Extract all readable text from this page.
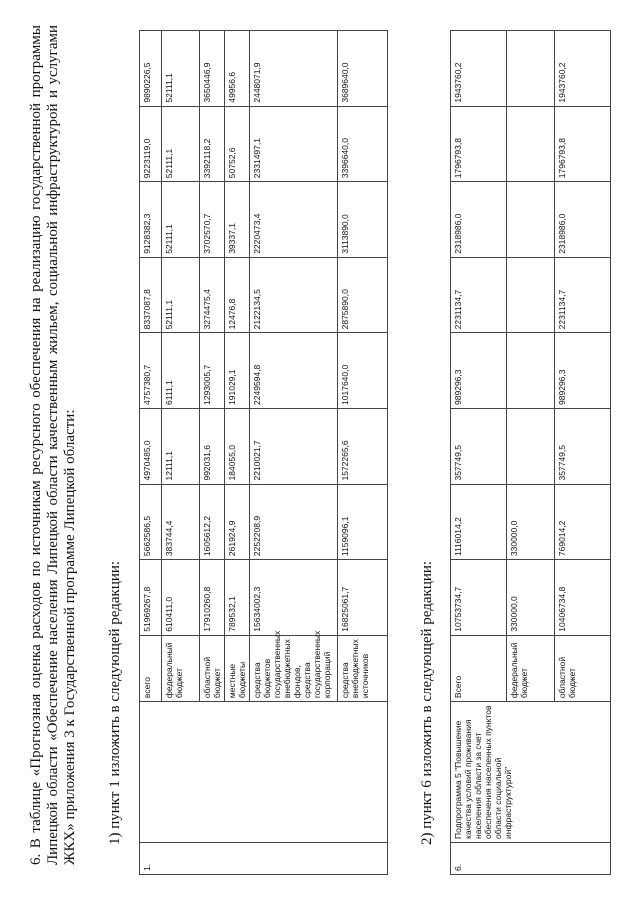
6. В таблице «Прогнозная оценка расходов по источникам ресурсного обеспечения на реализацию государственной программы Липецкой области «Обеспечение населения Липецкой области качественным жильем, социальной инфраструктурой и услугами ЖКХ» приложения 3 к Государственной программе Липецкой области: 1) пункт 1 изложить в следующей редакции:

1.		всего	51969267,8	5662586,5	4970485,0	4757380,7	8337087,8	9128382,3	9223119,0	9890226,5
		федеральный бюджет	610411,0	383744,4	12111,1	6111,1	52111,1	52111,1	52111,1	52111,1
		областной бюджет	17910260,8	1605612,2	992031,6	1293005,7	3274475,4	3702570,7	3392118,2	3650446,9
		местные бюджеты	789532,1	261924,9	184055,0	191029,1	12476,8	39337,1	50752,6	49956,6
		средства бюджетов государственных внебюджетных фондов, средства государственных корпораций	15634002,3	2252208,9	2210021,7	2249594,8	2122134,5	2220473,4	2331497,1	2448071,9
		средства внебюджетных источников	16825061,7	1159096,1	1572265,6	1017640,0	2875890,0	3113890,0	3396640,0	3689640,0

2) пункт 6 изложить в следующей редакции:

6.	Подпрограмма 5 "Повышение качества условий проживания населения области за счет обеспечения населенных пунктов области социальной инфраструктурой"	Всего	10753734,7	1116014,2	357749,5	989296,3	2231134,7	2318986,0	1796793,8	1943760,2
		федеральный бюджет	330000,0	330000,0						
		областной бюджет	10406734,8	769014,2	357749,5	989296,3	2231134,7	2318986,0	1796793,8	1943760,2
